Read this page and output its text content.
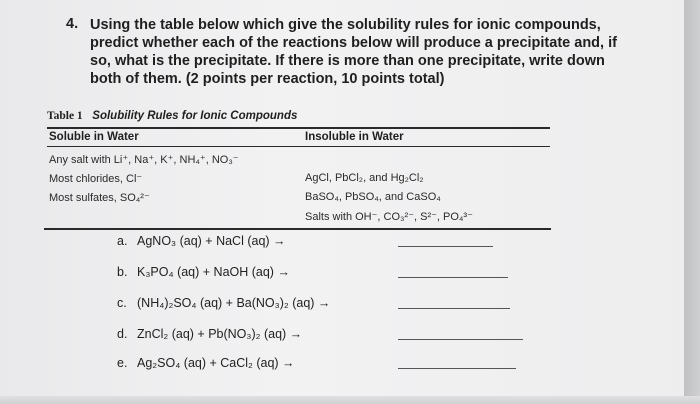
4. Using the table below which give the solubility rules for ionic compounds, predict whether each of the reactions below will produce a precipitate and, if so, what is the precipitate. If there is more than one precipitate, write down both of them. (2 points per reaction, 10 points total)
Table 1 Solubility Rules for Ionic Compounds
Soluble in Water	Insoluble in Water
Any salt with Li⁺, Na⁺, K⁺, NH₄⁺, NO₃⁻
Most chlorides, Cl⁻
Most sulfates, SO₄²⁻
AgCl, PbCl₂, and Hg₂Cl₂
BaSO₄, PbSO₄, and CaSO₄
Salts with OH⁻, CO₃²⁻, S²⁻, PO₄³⁻
a. AgNO₃ (aq) + NaCl (aq) →
b. K₃PO₄ (aq) + NaOH (aq) →
c. (NH₄)₂SO₄ (aq) + Ba(NO₃)₂ (aq) →
d. ZnCl₂ (aq) + Pb(NO₃)₂ (aq) →
e. Ag₂SO₄ (aq) + CaCl₂ (aq) →
